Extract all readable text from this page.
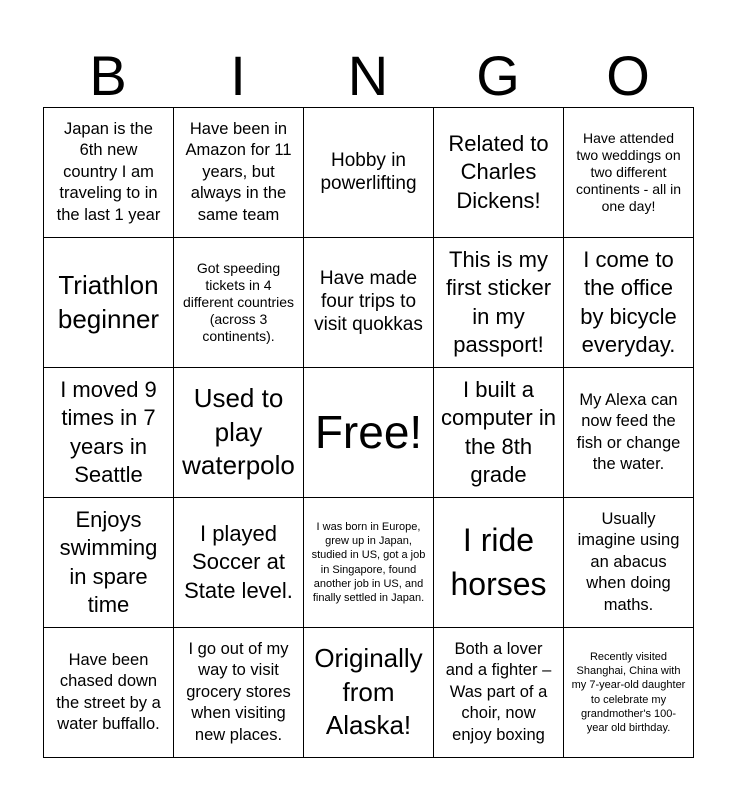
B	I	N	G	O
Japan is the 6th new country I am traveling to in the last 1 year
Have been in Amazon for 11 years, but always in the same team
Hobby in powerlifting
Related to Charles Dickens!
Have attended two weddings on two different continents - all in one day!
Triathlon beginner
Got speeding tickets in 4 different countries (across 3 continents).
Have made four trips to visit quokkas
This is my first sticker in my passport!
I come to the office by bicycle everyday.
I moved 9 times in 7 years in Seattle
Used to play waterpolo
Free!
I built a computer in the 8th grade
My Alexa can now feed the fish or change the water.
Enjoys swimming in spare time
I played Soccer at State level.
I was born in Europe, grew up in Japan, studied in US, got a job in Singapore, found another job in US, and finally settled in Japan.
I ride horses
Usually imagine using an abacus when doing maths.
Have been chased down the street by a water buffallo.
I go out of my way to visit grocery stores when visiting new places.
Originally from Alaska!
Both a lover and a fighter – Was part of a choir, now enjoy boxing
Recently visited Shanghai, China with my 7-year-old daughter to celebrate my grandmother's 100-year old birthday.
